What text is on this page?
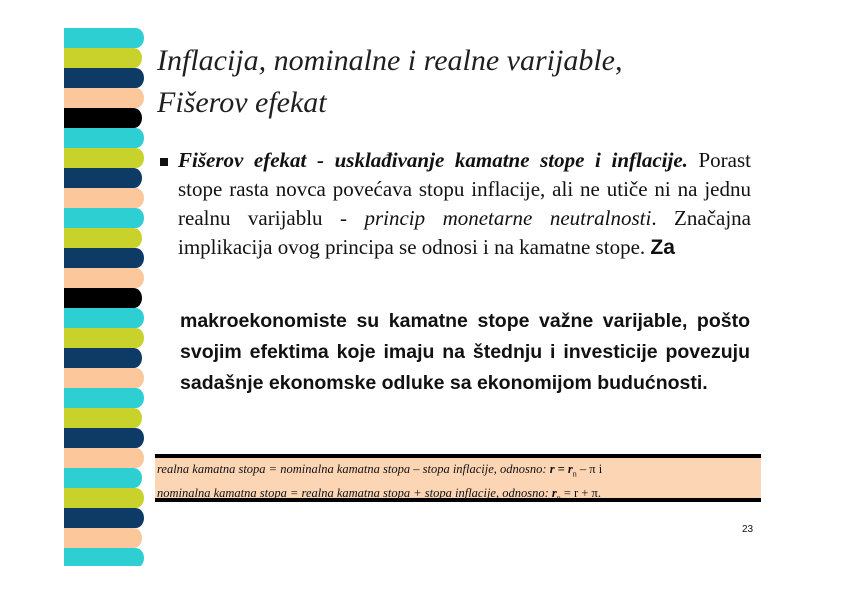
Inflacija, nominalne i realne varijable,
Fišerov efekat
Fišerov efekat - usklađivanje kamatne stope i inflacije. Porast stope rasta novca povećava stopu inflacije, ali ne utiče ni na jednu realnu varijablu - princip monetarne neutralnosti. Značajna implikacija ovog principa se odnosi i na kamatne stope. Za
makroekonomiste su kamatne stope važne varijable, pošto svojim efektima koje imaju na štednju i investicije povezuju sadašnje ekonomske odluke sa ekonomijom budućnosti.
realna kamatna stopa = nominalna kamatna stopa – stopa inflacije, odnosno: $r = r_n - \pi$ i
nominalna kamatna stopa = realna kamatna stopa + stopa inflacije, odnosno: $r_n = r + \pi$.
23
